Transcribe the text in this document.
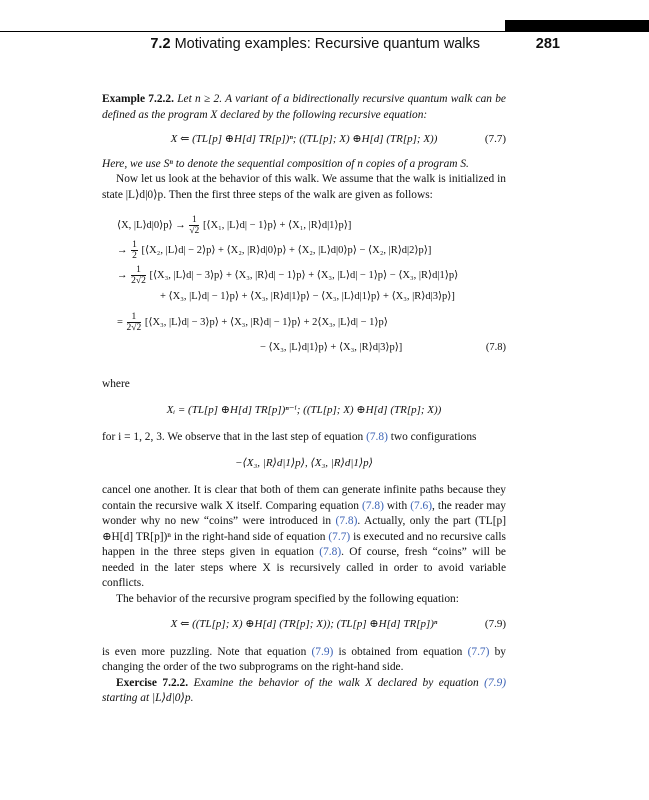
7.2 Motivating examples: Recursive quantum walks	281

Example 7.2.2. Let n ≥ 2. A variant of a bidirectionally recursive quantum walk can be defined as the program X declared by the following recursive equation:

X ⇐ (TL[p] ⊕H[d] TR[p])ⁿ; ((TL[p]; X) ⊕H[d] (TR[p]; X))	(7.7)

Here, we use Sⁿ to denote the sequential composition of n copies of a program S.

Now let us look at the behavior of this walk. We assume that the walk is initialized in state |L⟩d|0⟩p. Then the first three steps of the walk are given as follows:

⟨X, |L⟩d|0⟩p⟩ → $\frac{1}{√2}$ [⟨X₁, |L⟩d| − 1⟩p⟩ + ⟨X₁, |R⟩d|1⟩p⟩]
→ $\frac{1}{2}$ [⟨X₂, |L⟩d| − 2⟩p⟩ + ⟨X₂, |R⟩d|0⟩p⟩ + ⟨X₂, |L⟩d|0⟩p⟩ − ⟨X₂, |R⟩d|2⟩p⟩]
→ $\frac{1}{2√2}$ [⟨X₃, |L⟩d| − 3⟩p⟩ + ⟨X₃, |R⟩d| − 1⟩p⟩ + ⟨X₃, |L⟩d| − 1⟩p⟩ − ⟨X₃, |R⟩d|1⟩p⟩
+ ⟨X₃, |L⟩d| − 1⟩p⟩ + ⟨X₃, |R⟩d|1⟩p⟩ − ⟨X₃, |L⟩d|1⟩p⟩ + ⟨X₃, |R⟩d|3⟩p⟩]
= $\frac{1}{2√2}$ [⟨X₃, |L⟩d| − 3⟩p⟩ + ⟨X₃, |R⟩d| − 1⟩p⟩ + 2⟨X₃, |L⟩d| − 1⟩p⟩
− ⟨X₃, |L⟩d|1⟩p⟩ + ⟨X₃, |R⟩d|3⟩p⟩]	(7.8)

where

Xᵢ = (TL[p] ⊕H[d] TR[p])ⁿ⁻ⁱ; ((TL[p]; X) ⊕H[d] (TR[p]; X))

for i = 1, 2, 3. We observe that in the last step of equation (7.8) two configurations

−⟨X₃, |R⟩d|1⟩p⟩, ⟨X₃, |R⟩d|1⟩p⟩

cancel one another. It is clear that both of them can generate infinite paths because they contain the recursive walk X itself. Comparing equation (7.8) with (7.6), the reader may wonder why no new “coins” were introduced in (7.8). Actually, only the part (TL[p] ⊕H[d] TR[p])ⁿ in the right-hand side of equation (7.7) is executed and no recursive calls happen in the three steps given in equation (7.8). Of course, fresh “coins” will be needed in the later steps where X is recursively called in order to avoid variable conflicts.

The behavior of the recursive program specified by the following equation:

X ⇐ ((TL[p]; X) ⊕H[d] (TR[p]; X)); (TL[p] ⊕H[d] TR[p])ⁿ	(7.9)

is even more puzzling. Note that equation (7.9) is obtained from equation (7.7) by changing the order of the two subprograms on the right-hand side.

Exercise 7.2.2. Examine the behavior of the walk X declared by equation (7.9) starting at |L⟩d|0⟩p.
